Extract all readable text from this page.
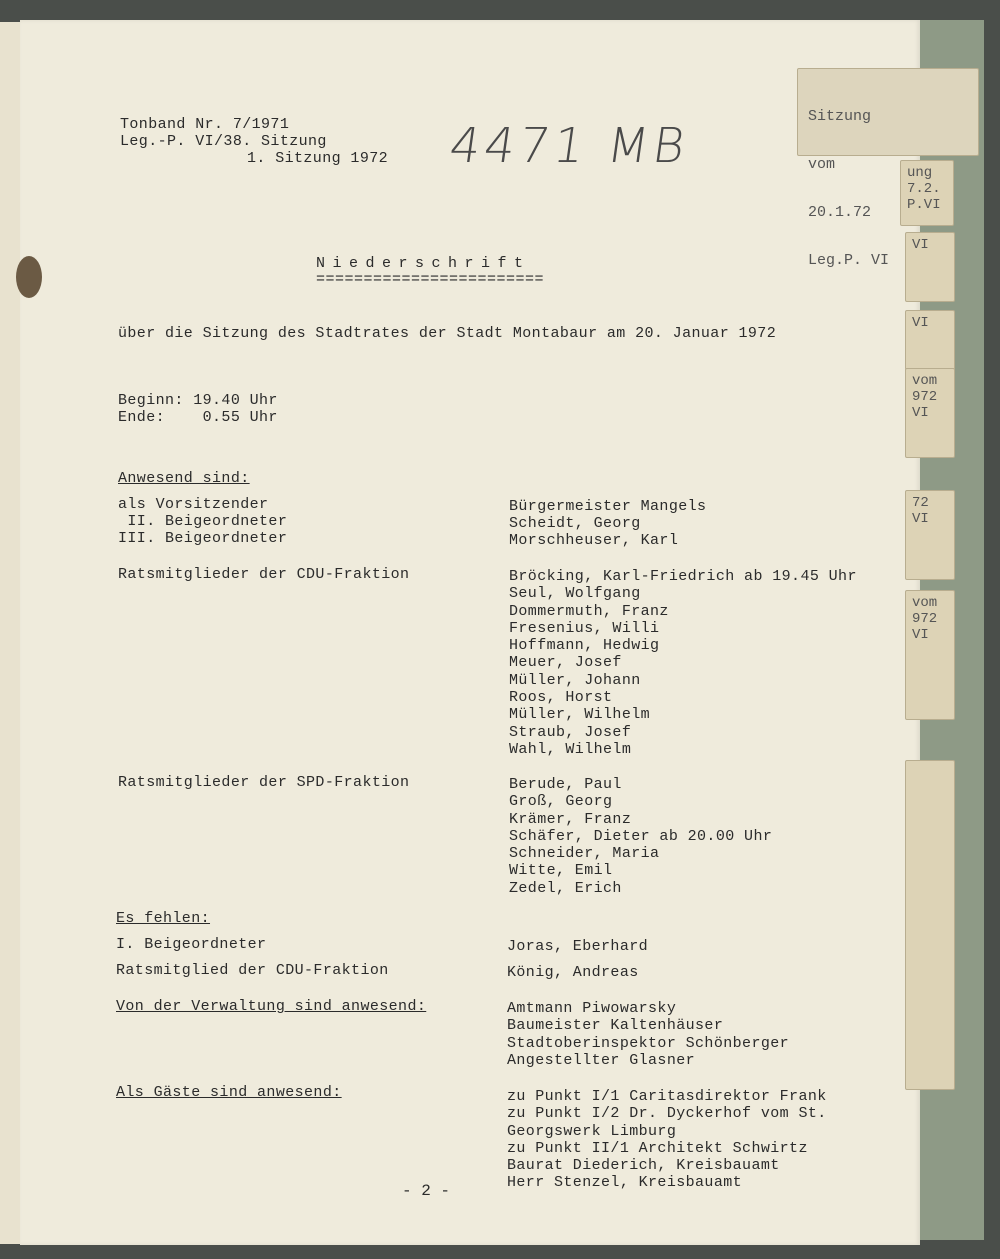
ung
7.2.
P.VI
VI
VI
vom
972
VI
72
VI
vom
972
VI

Sitzung

vom

20.1.72

Leg.P. VI

Tonband Nr. 7/1971
Leg.-P. VI/38. Sitzung
1. Sitzung 1972 4471 MB
Niederschrift
========================
über die Sitzung des Stadtrates der Stadt Montabaur am 20. Januar 1972
Beginn: 19.40 Uhr
Ende:    0.55 Uhr
Anwesend sind:
als Vorsitzender	Bürgermeister Mangels
II. Beigeordneter	Scheidt, Georg
III. Beigeordneter	Morschheuser, Karl
Ratsmitglieder der CDU-Fraktion	Bröcking, Karl-Friedrich ab 19.45 Uhr
Seul, Wolfgang
Dommermuth, Franz
Fresenius, Willi
Hoffmann, Hedwig
Meuer, Josef
Müller, Johann
Roos, Horst
Müller, Wilhelm
Straub, Josef
Wahl, Wilhelm
Ratsmitglieder der SPD-Fraktion	Berude, Paul
Groß, Georg
Krämer, Franz
Schäfer, Dieter ab 20.00 Uhr
Schneider, Maria
Witte, Emil
Zedel, Erich
Es fehlen:
I. Beigeordneter	Joras, Eberhard
Ratsmitglied der CDU-Fraktion	König, Andreas
Von der Verwaltung sind anwesend:	Amtmann Piwowarsky
Baumeister Kaltenhäuser
Stadtoberinspektor Schönberger
Angestellter Glasner
Als Gäste sind anwesend:	zu Punkt I/1 Caritasdirektor Frank
zu Punkt I/2 Dr. Dyckerhof vom St.
Georgswerk Limburg
zu Punkt II/1 Architekt Schwirtz
Baurat Diederich, Kreisbauamt
Herr Stenzel, Kreisbauamt
- 2 -
